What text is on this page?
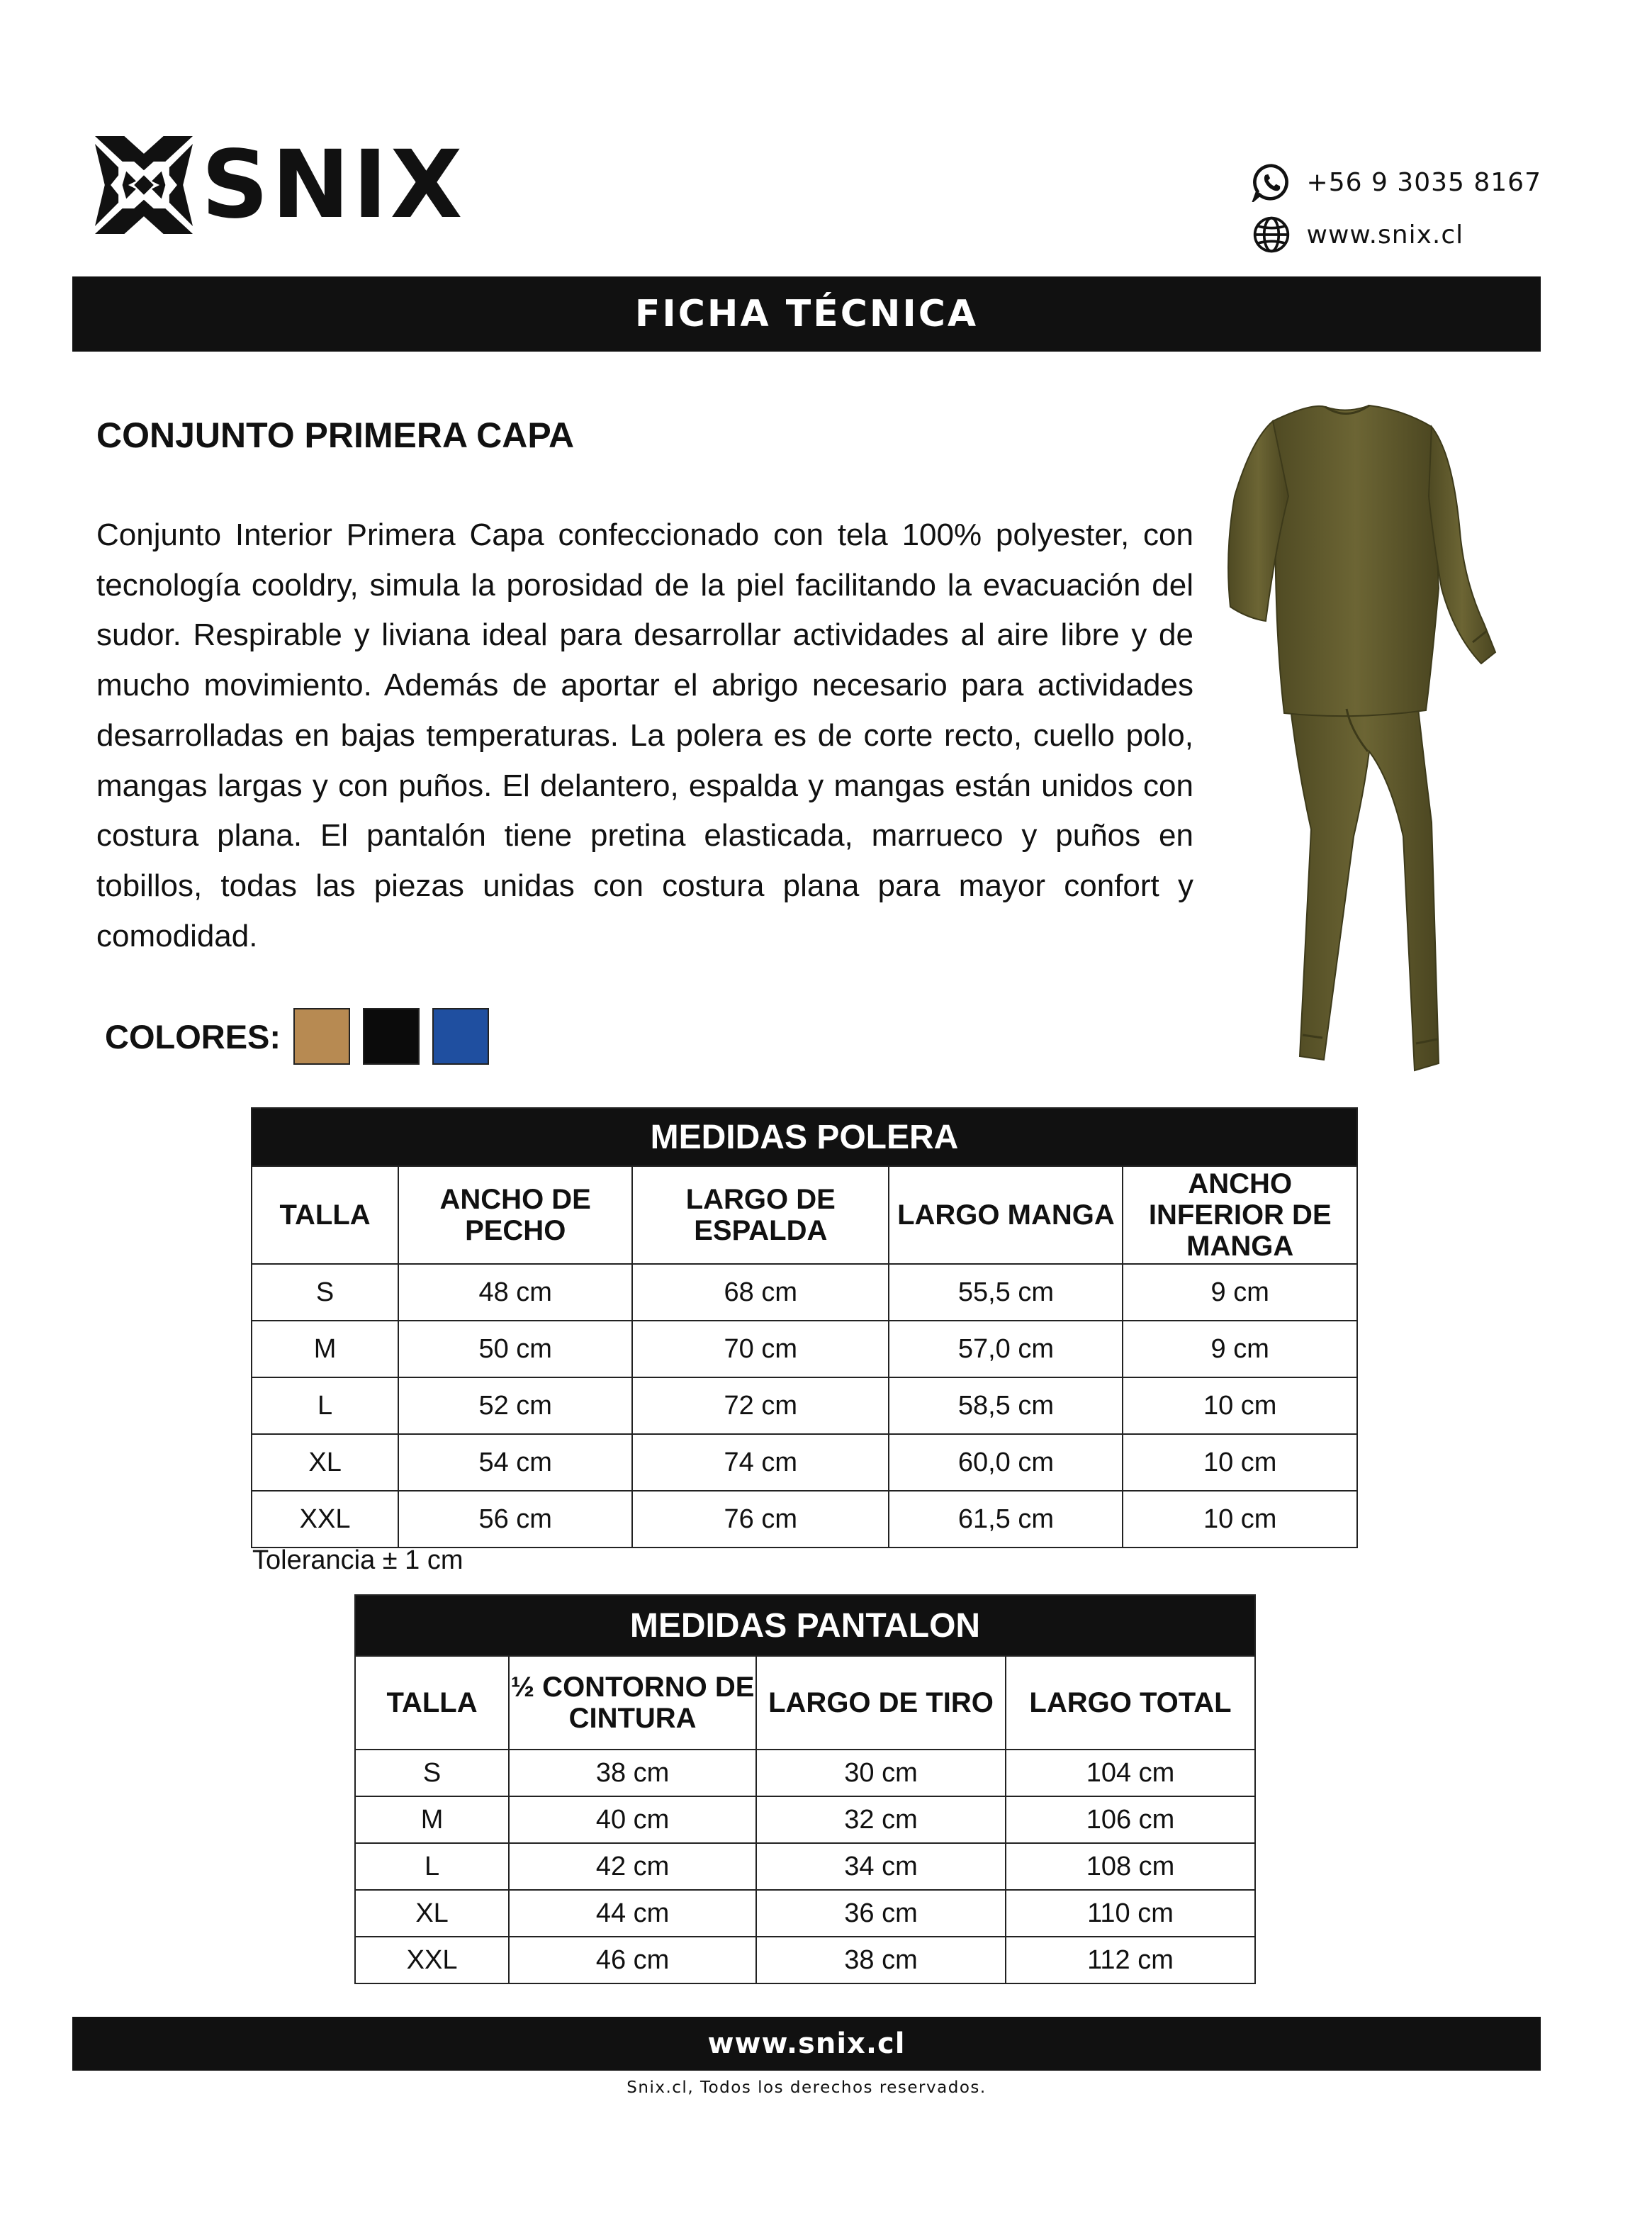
SNIX	+56 9 3035 8167
www.snix.cl
FICHA TÉCNICA
CONJUNTO PRIMERA CAPA
Conjunto Interior Primera Capa confeccionado con tela 100% polyester, con tecnología cooldry, simula la porosidad de la piel facilitando la evacuación del sudor. Respirable y liviana ideal para desarrollar actividades al aire libre y de mucho movimiento. Además de aportar el abrigo necesario para actividades desarrolladas en bajas temperaturas. La polera es de corte recto, cuello polo, mangas largas y con puños. El delantero, espalda y mangas están unidos con costura plana. El pantalón tiene pretina elasticada, marrueco y puños en tobillos, todas las piezas unidas con costura plana para mayor confort y comodidad.
COLORES:
MEDIDAS POLERA				
TALLA	ANCHO DE PECHO	LARGO DE ESPALDA	LARGO MANGA	ANCHO INFERIOR DE MANGA
S	48 cm	68 cm	55,5 cm	9 cm
M	50 cm	70 cm	57,0 cm	9 cm
L	52 cm	72 cm	58,5 cm	10 cm
XL	54 cm	74 cm	60,0 cm	10 cm
XXL	56 cm	76 cm	61,5 cm	10 cm
Tolerancia ± 1 cm
MEDIDAS PANTALON			
TALLA	½ CONTORNO DE CINTURA	LARGO DE TIRO	LARGO TOTAL
S	38 cm	30 cm	104 cm
M	40 cm	32 cm	106 cm
L	42 cm	34 cm	108 cm
XL	44 cm	36 cm	110 cm
XXL	46 cm	38 cm	112 cm
www.snix.cl
Snix.cl, Todos los derechos reservados.
